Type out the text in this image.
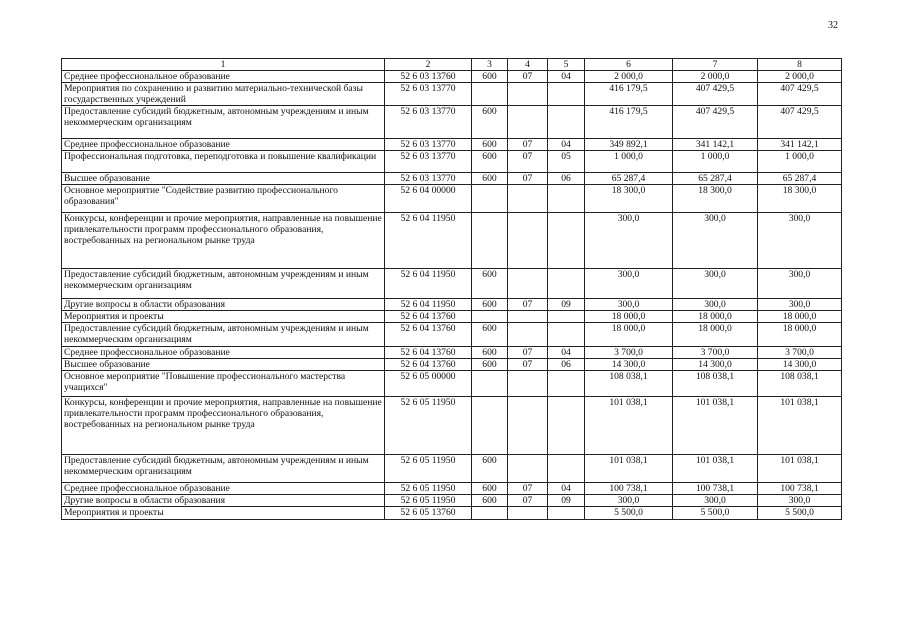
32
1	2	3	4	5	6	7	8
Среднее профессиональное образование	52 6 03 13760	600	07	04	2 000,0	2 000,0	2 000,0
Мероприятия по сохранению и развитию материально-технической базы государственных учреждений	52 6 03 13770				416 179,5	407 429,5	407 429,5
Предоставление субсидий бюджетным, автономным учреждениям и иным некоммерческим организациям	52 6 03 13770	600			416 179,5	407 429,5	407 429,5
Среднее профессиональное образование	52 6 03 13770	600	07	04	349 892,1	341 142,1	341 142,1
Профессиональная подготовка, переподготовка и повышение квалификации	52 6 03 13770	600	07	05	1 000,0	1 000,0	1 000,0
Высшее образование	52 6 03 13770	600	07	06	65 287,4	65 287,4	65 287,4
Основное мероприятие "Содействие развитию профессионального образования"	52 6 04 00000				18 300,0	18 300,0	18 300,0
Конкурсы, конференции и прочие мероприятия, направленные на повышение привлекательности программ профессионального образования, востребованных на региональном рынке труда	52 6 04 11950				300,0	300,0	300,0
Предоставление субсидий бюджетным, автономным учреждениям и иным некоммерческим организациям	52 6 04 11950	600			300,0	300,0	300,0
Другие вопросы в области образования	52 6 04 11950	600	07	09	300,0	300,0	300,0
Мероприятия и проекты	52 6 04 13760				18 000,0	18 000,0	18 000,0
Предоставление субсидий бюджетным, автономным учреждениям и иным некоммерческим организациям	52 6 04 13760	600			18 000,0	18 000,0	18 000,0
Среднее профессиональное образование	52 6 04 13760	600	07	04	3 700,0	3 700,0	3 700,0
Высшее образование	52 6 04 13760	600	07	06	14 300,0	14 300,0	14 300,0
Основное мероприятие "Повышение профессионального мастерства учащихся"	52 6 05 00000				108 038,1	108 038,1	108 038,1
Конкурсы, конференции и прочие мероприятия, направленные на повышение привлекательности программ профессионального образования, востребованных на региональном рынке труда	52 6 05 11950				101 038,1	101 038,1	101 038,1
Предоставление субсидий бюджетным, автономным учреждениям и иным некоммерческим организациям	52 6 05 11950	600			101 038,1	101 038,1	101 038,1
Среднее профессиональное образование	52 6 05 11950	600	07	04	100 738,1	100 738,1	100 738,1
Другие вопросы в области образования	52 6 05 11950	600	07	09	300,0	300,0	300,0
Мероприятия и проекты	52 6 05 13760				5 500,0	5 500,0	5 500,0
